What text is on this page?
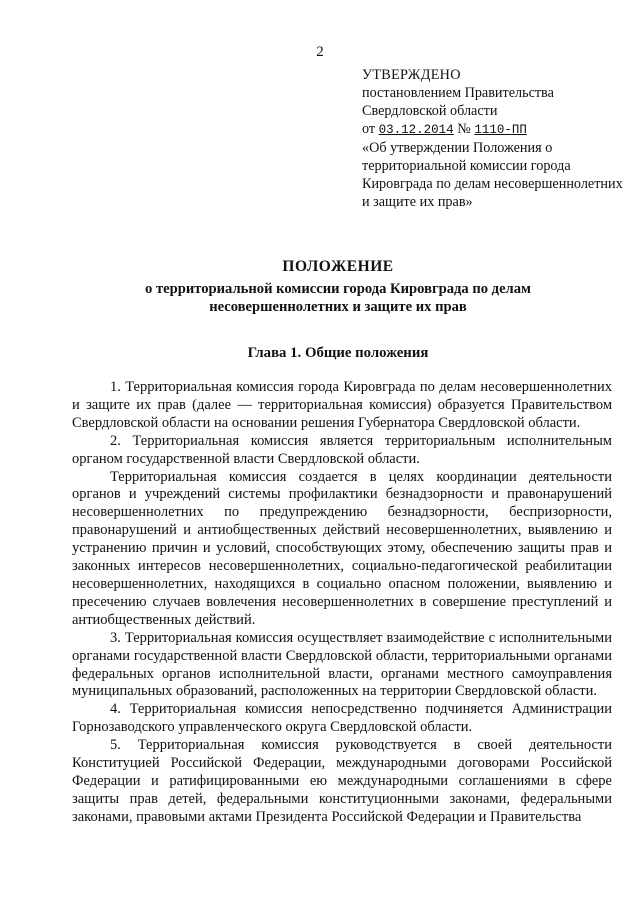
2
УТВЕРЖДЕНО
постановлением Правительства
Свердловской области
от 03.12.2014 № 1110-ПП
«Об утверждении Положения о территориальной комиссии города Кировграда по делам несовершеннолетних и защите их прав»
ПОЛОЖЕНИЕ
о территориальной комиссии города Кировграда по делам
несовершеннолетних и защите их прав
Глава 1. Общие положения

1. Территориальная комиссия города Кировграда по делам несовершеннолетних и защите их прав (далее — территориальная комиссия) образуется Правительством Свердловской области на основании решения Губернатора Свердловской области.

2. Территориальная комиссия является территориальным исполнительным органом государственной власти Свердловской области.

Территориальная комиссия создается в целях координации деятельности органов и учреждений системы профилактики безнадзорности и правонарушений несовершеннолетних по предупреждению безнадзорности, беспризорности, правонарушений и антиобщественных действий несовершеннолетних, выявлению и устранению причин и условий, способствующих этому, обеспечению защиты прав и законных интересов несовершеннолетних, социально-педагогической реабилитации несовершеннолетних, находящихся в социально опасном положении, выявлению и пресечению случаев вовлечения несовершеннолетних в совершение преступлений и антиобщественных действий.

3. Территориальная комиссия осуществляет взаимодействие с исполнительными органами государственной власти Свердловской области, территориальными органами федеральных органов исполнительной власти, органами местного самоуправления муниципальных образований, расположенных на территории Свердловской области.

4. Территориальная комиссия непосредственно подчиняется Администрации Горнозаводского управленческого округа Свердловской области.

5. Территориальная комиссия руководствуется в своей деятельности Конституцией Российской Федерации, международными договорами Российской Федерации и ратифицированными ею международными соглашениями в сфере защиты прав детей, федеральными конституционными законами, федеральными законами, правовыми актами Президента Российской Федерации и Правительства
